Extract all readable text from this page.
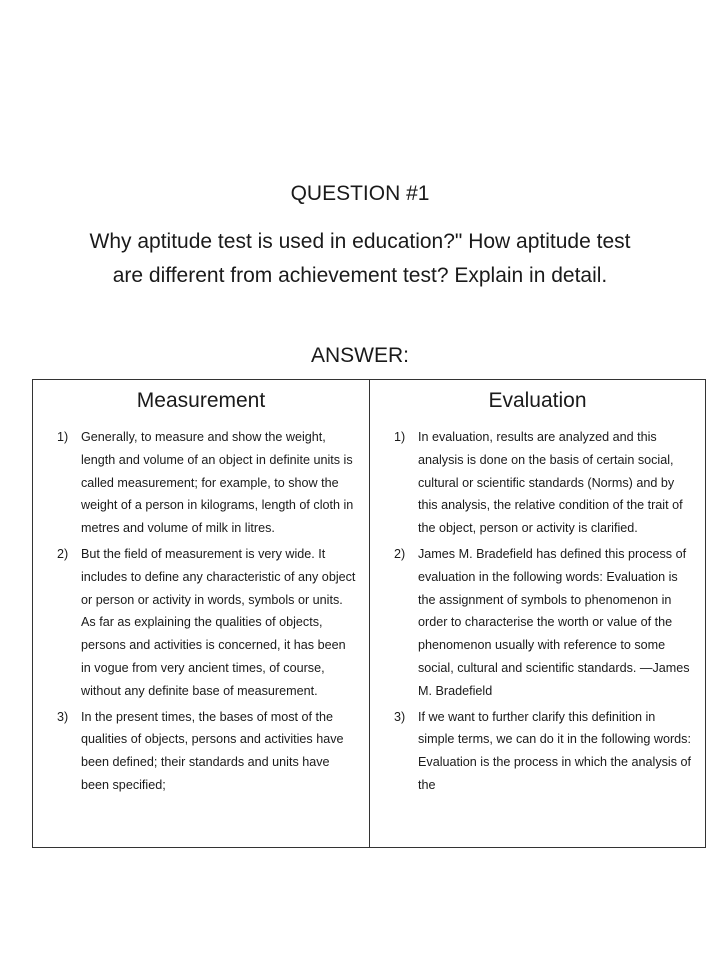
QUESTION #1

Why aptitude test is used in education?" How aptitude test are different from achievement test? Explain in detail.

ANSWER:
Measurement
1) Generally, to measure and show the weight, length and volume of an object in definite units is called measurement; for example, to show the weight of a person in kilograms, length of cloth in metres and volume of milk in litres.
2) But the field of measurement is very wide. It includes to define any characteristic of any object or person or activity in words, symbols or units. As far as explaining the qualities of objects, persons and activities is concerned, it has been in vogue from very ancient times, of course, without any definite base of measurement.
3) In the present times, the bases of most of the qualities of objects, persons and activities have been defined; their standards and units have been specified;
Evaluation
1) In evaluation, results are analyzed and this analysis is done on the basis of certain social, cultural or scientific standards (Norms) and by this analysis, the relative condition of the trait of the object, person or activity is clarified.
2) James M. Bradefield has defined this process of evaluation in the following words: Evaluation is the assignment of symbols to phenomenon in order to characterise the worth or value of the phenomenon usually with reference to some social, cultural and scientific standards. —James M. Bradefield
3) If we want to further clarify this definition in simple terms, we can do it in the following words: Evaluation is the process in which the analysis of the
